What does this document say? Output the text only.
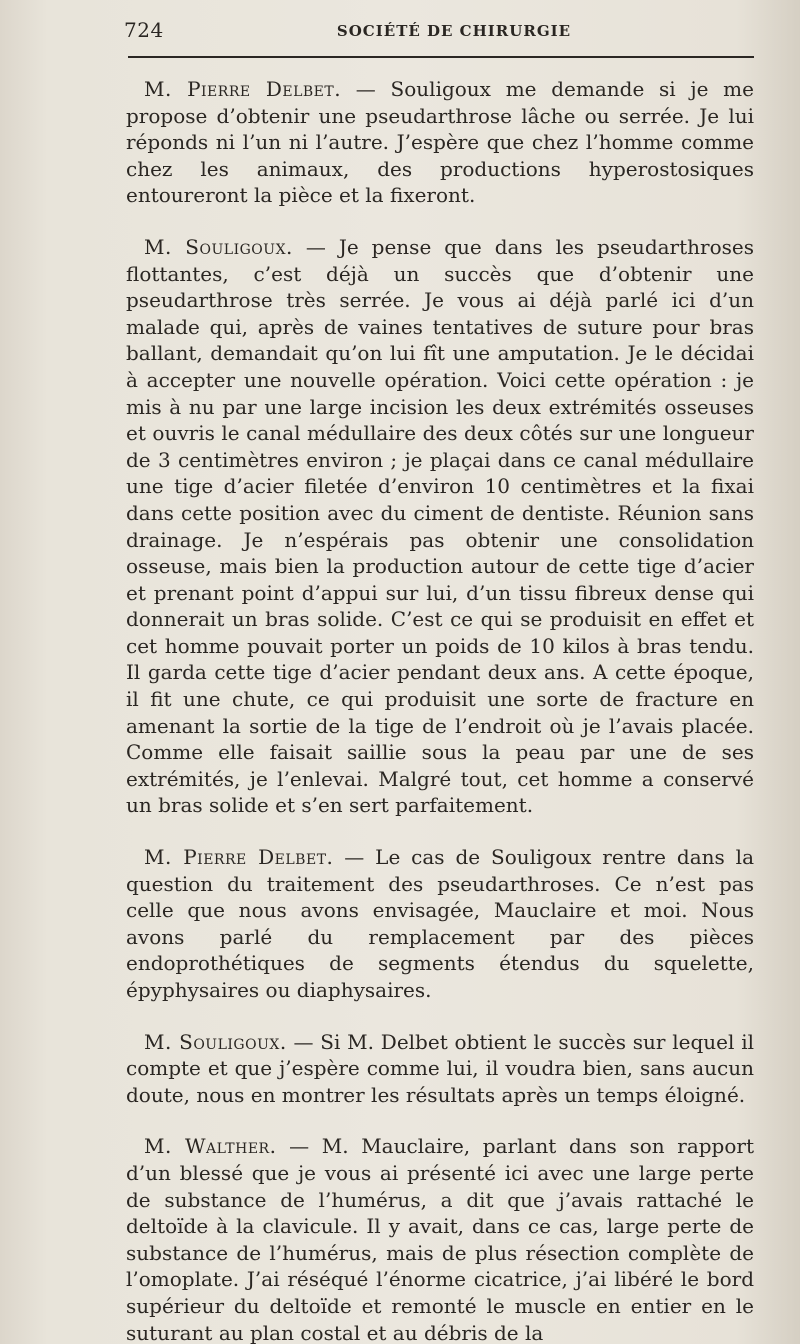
724	SOCIÉTÉ DE CHIRURGIE

M. Pierre Delbet. — Souligoux me demande si je me propose d’obtenir une pseudarthrose lâche ou serrée. Je lui réponds ni l’un ni l’autre. J’espère que chez l’homme comme chez les animaux, des productions hyperostosiques entoureront la pièce et la fixeront.

M. Souligoux. — Je pense que dans les pseudarthroses flottantes, c’est déjà un succès que d’obtenir une pseudarthrose très serrée. Je vous ai déjà parlé ici d’un malade qui, après de vaines tentatives de suture pour bras ballant, demandait qu’on lui fît une amputation. Je le décidai à accepter une nouvelle opération. Voici cette opération : je mis à nu par une large incision les deux extrémités osseuses et ouvris le canal médullaire des deux côtés sur une longueur de 3 centimètres environ ; je plaçai dans ce canal médullaire une tige d’acier filetée d’environ 10 centimètres et la fixai dans cette position avec du ciment de dentiste. Réunion sans drainage. Je n’espérais pas obtenir une consolidation osseuse, mais bien la production autour de cette tige d’acier et prenant point d’appui sur lui, d’un tissu fibreux dense qui donnerait un bras solide. C’est ce qui se produisit en effet et cet homme pouvait porter un poids de 10 kilos à bras tendu. Il garda cette tige d’acier pendant deux ans. A cette époque, il fit une chute, ce qui produisit une sorte de fracture en amenant la sortie de la tige de l’endroit où je l’avais placée. Comme elle faisait saillie sous la peau par une de ses extrémités, je l’enlevai. Malgré tout, cet homme a conservé un bras solide et s’en sert parfaitement.

M. Pierre Delbet. — Le cas de Souligoux rentre dans la question du traitement des pseudarthroses. Ce n’est pas celle que nous avons envisagée, Mauclaire et moi. Nous avons parlé du remplacement par des pièces endoprothétiques de segments étendus du squelette, épyphysaires ou diaphysaires.

M. Souligoux. — Si M. Delbet obtient le succès sur lequel il compte et que j’espère comme lui, il voudra bien, sans aucun doute, nous en montrer les résultats après un temps éloigné.

M. Walther. — M. Mauclaire, parlant dans son rapport d’un blessé que je vous ai présenté ici avec une large perte de substance de l’humérus, a dit que j’avais rattaché le deltoïde à la clavicule. Il y avait, dans ce cas, large perte de substance de l’humérus, mais de plus résection complète de l’omoplate. J’ai réséqué l’énorme cicatrice, j’ai libéré le bord supérieur du deltoïde et remonté le muscle en entier en le suturant au plan costal et au débris de la
